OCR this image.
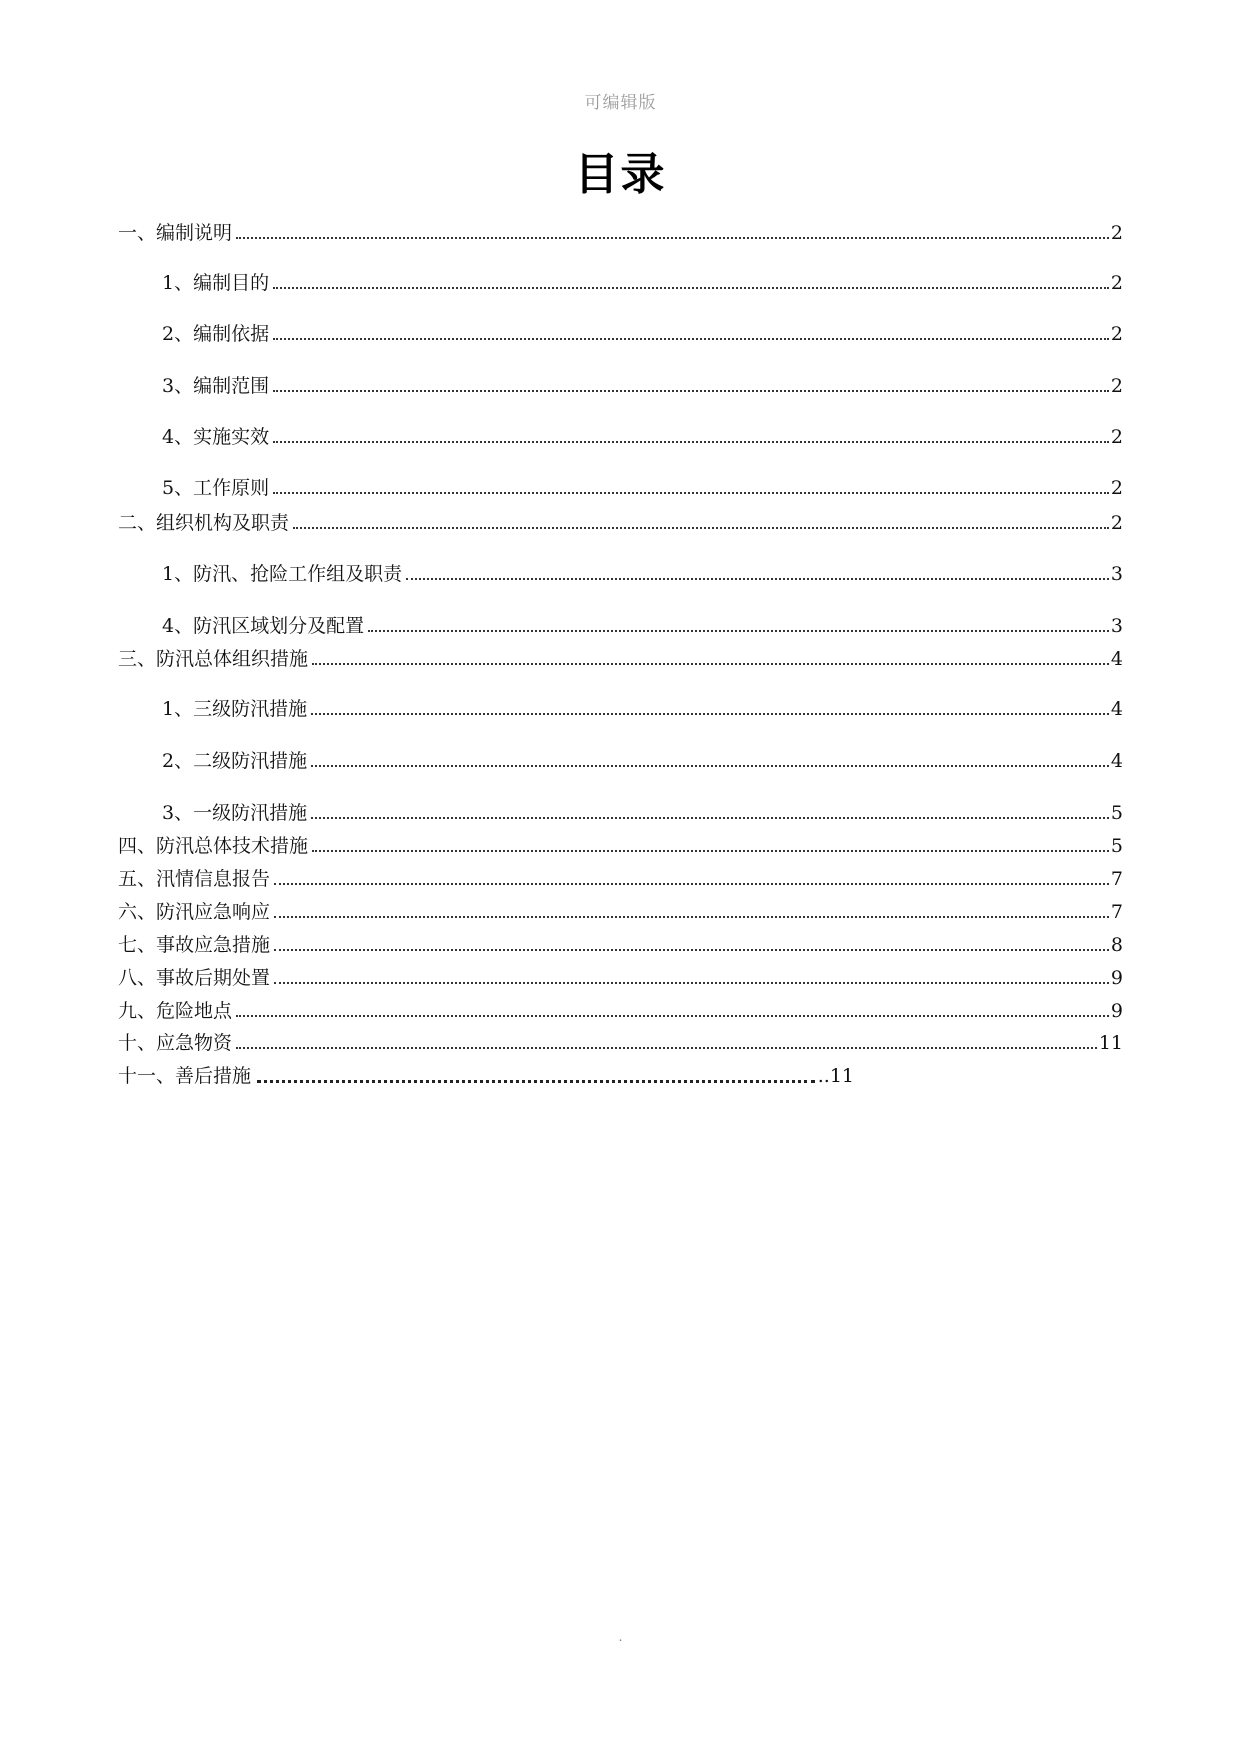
可编辑版
目录
一、编制说明	2
1、编制目的	2
2、编制依据	2
3、编制范围	2
4、实施实效	2
5、工作原则	2
二、组织机构及职责	2
1、防汛、抢险工作组及职责	3
4、防汛区域划分及配置	3
三、防汛总体组织措施	4
1、三级防汛措施	4
2、二级防汛措施	4
3、一级防汛措施	5
四、防汛总体技术措施	5
五、汛情信息报告	7
六、防汛应急响应	7
七、事故应急措施	8
八、事故后期处置	9
九、危险地点	9
十、应急物资	11
十一、善后措施	..11
.
